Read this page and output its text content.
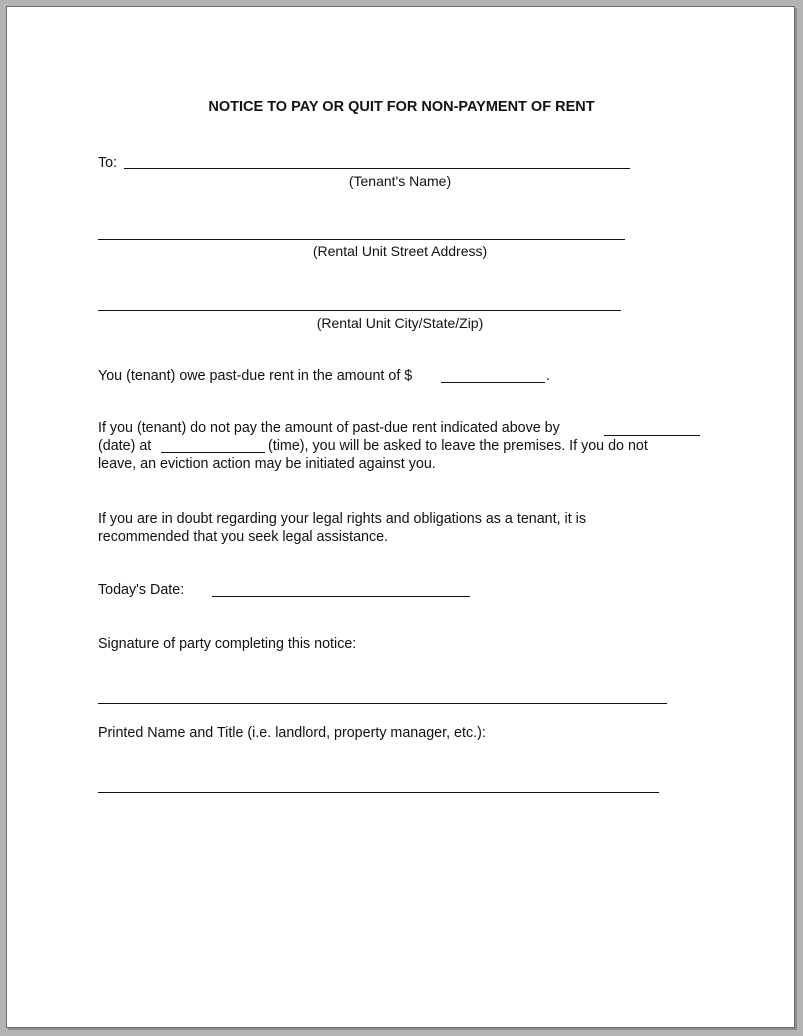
NOTICE TO PAY OR QUIT FOR NON-PAYMENT OF RENT
To:
(Tenant's Name)
(Rental Unit Street Address)
(Rental Unit City/State/Zip)
You (tenant) owe past-due rent in the amount of $	.
If you (tenant) do not pay the amount of past-due rent indicated above by
(date) at	(time), you will be asked to leave the premises. If you do not
leave, an eviction action may be initiated against you.
If you are in doubt regarding your legal rights and obligations as a tenant, it is
recommended that you seek legal assistance.
Today's Date:
Signature of party completing this notice:
Printed Name and Title (i.e. landlord, property manager, etc.):
